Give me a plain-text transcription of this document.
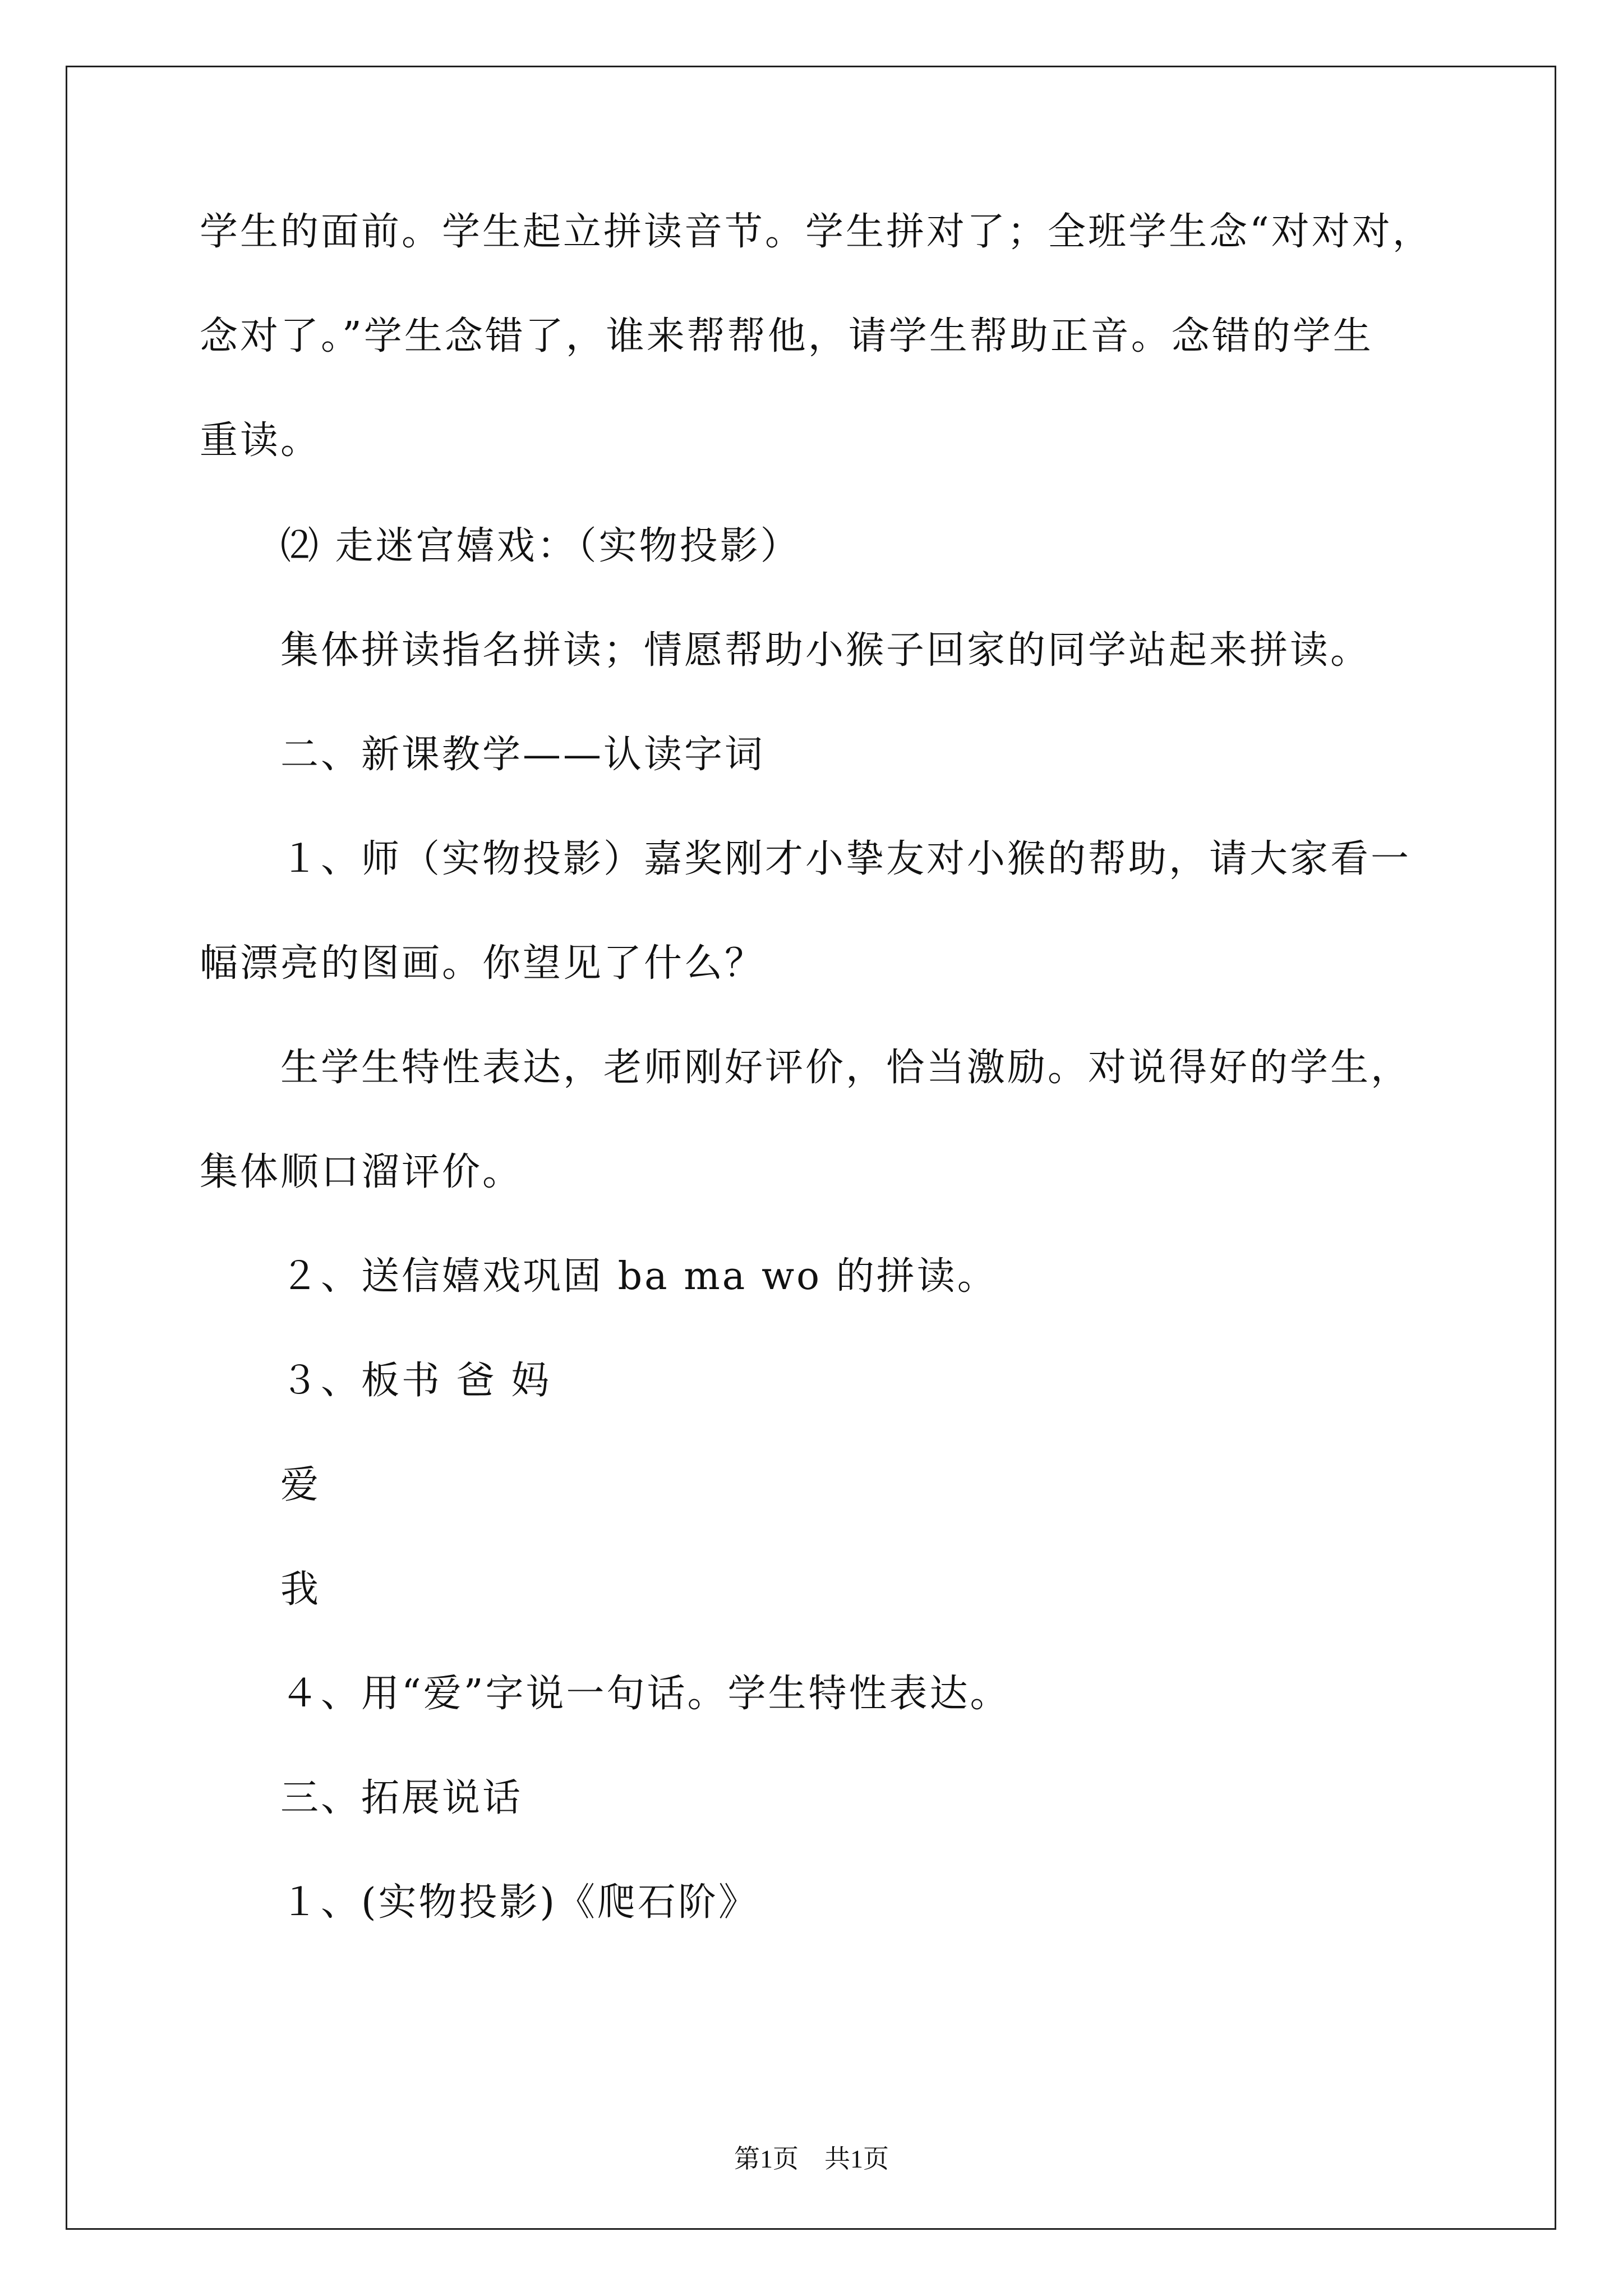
学生的面前。学生起立拼读音节。学生拼对了；全班学生念“对对对，
念对了。”学生念错了，谁来帮帮他，请学生帮助正音。念错的学生
重读。
⑵ 走迷宫嬉戏：（实物投影）
集体拼读指名拼读；情愿帮助小猴子回家的同学站起来拼读。
二、新课教学——认读字词
１、师（实物投影）嘉奖刚才小挚友对小猴的帮助，请大家看一
幅漂亮的图画。你望见了什么？
生学生特性表达，老师刚好评价，恰当激励。对说得好的学生，
集体顺口溜评价。
２、送信嬉戏巩固 ba ma wo 的拼读。
３、板书 爸 妈
爱
我
４、用“爱”字说一句话。学生特性表达。
三、拓展说话
１、(实物投影)《爬石阶》
第1页　共1页
